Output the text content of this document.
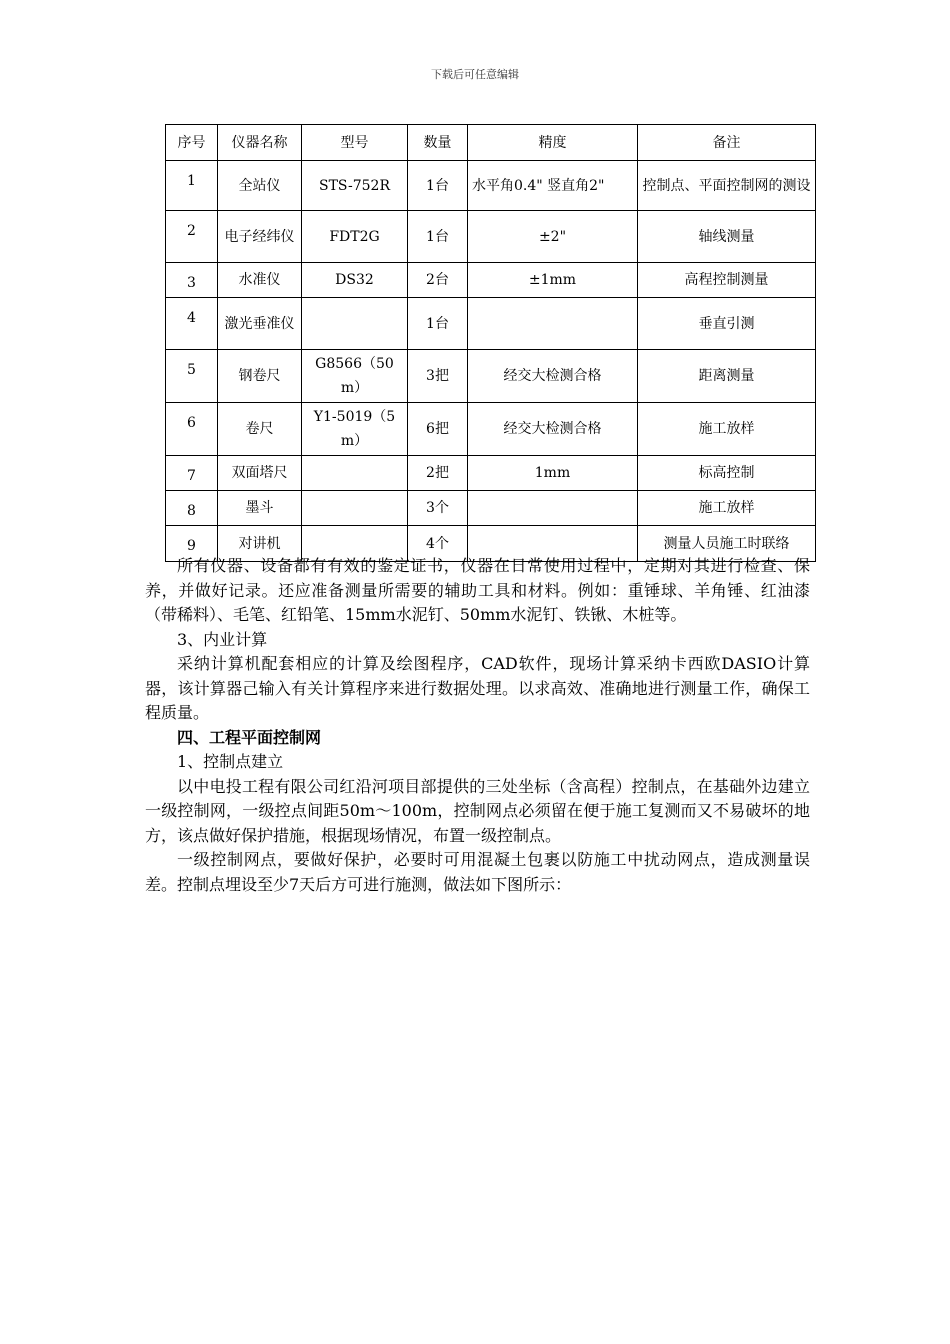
下载后可任意编辑
序号	仪器名称	型号	数量	精度	备注
1	全站仪	STS-752R	1台	水平角0.4" 竖直角2"	控制点、平面控制网的测设
2	电子经纬仪	FDT2G	1台	±2"	轴线测量
3	水准仪	DS32	2台	±1mm	高程控制测量
4	激光垂准仪		1台		垂直引测
5	钢卷尺	G8566（50m）	3把	经交大检测合格	距离测量
6	卷尺	Y1-5019（5m）	6把	经交大检测合格	施工放样
7	双面塔尺		2把	1mm	标高控制
8	墨斗		3个		施工放样
9	对讲机		4个		测量人员施工时联络

所有仪器、设备都有有效的鉴定证书，仪器在日常使用过程中，定期对其进行检查、保养，并做好记录。还应准备测量所需要的辅助工具和材料。例如：重锤球、羊角锤、红油漆（带稀料）、毛笔、红铅笔、15mm水泥钉、50mm水泥钉、铁锹、木桩等。

3、内业计算

采纳计算机配套相应的计算及绘图程序，CAD软件，现场计算采纳卡西欧DASIO计算器，该计算器己输入有关计算程序来进行数据处理。以求高效、准确地进行测量工作，确保工程质量。

四、工程平面控制网

1、控制点建立

以中电投工程有限公司红沿河项目部提供的三处坐标（含高程）控制点，在基础外边建立一级控制网，一级控点间距50m～100m，控制网点必须留在便于施工复测而又不易破坏的地方，该点做好保护措施，根据现场情况，布置一级控制点。

一级控制网点，要做好保护，必要时可用混凝土包裹以防施工中扰动网点，造成测量误差。控制点埋设至少7天后方可进行施测，做法如下图所示：
